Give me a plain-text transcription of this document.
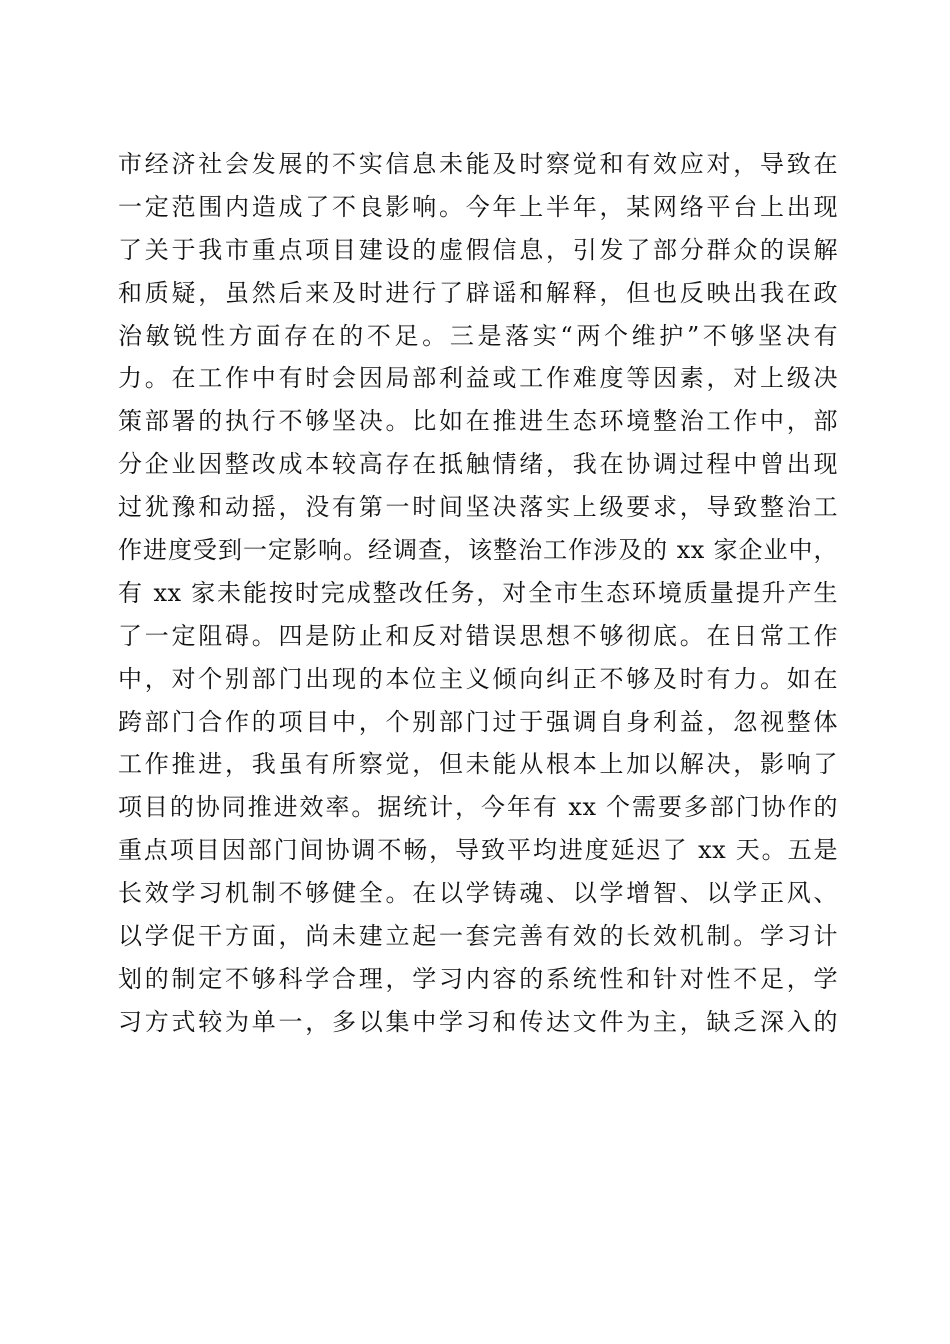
市经济社会发展的不实信息未能及时察觉和有效应对，导致在
一定范围内造成了不良影响。今年上半年，某网络平台上出现
了关于我市重点项目建设的虚假信息，引发了部分群众的误解
和质疑，虽然后来及时进行了辟谣和解释，但也反映出我在政
治敏锐性方面存在的不足。三是落实“两个维护”不够坚决有
力。在工作中有时会因局部利益或工作难度等因素，对上级决
策部署的执行不够坚决。比如在推进生态环境整治工作中，部
分企业因整改成本较高存在抵触情绪，我在协调过程中曾出现
过犹豫和动摇，没有第一时间坚决落实上级要求，导致整治工
作进度受到一定影响。经调查，该整治工作涉及的 xx 家企业中，
有 xx 家未能按时完成整改任务，对全市生态环境质量提升产生
了一定阻碍。四是防止和反对错误思想不够彻底。在日常工作
中，对个别部门出现的本位主义倾向纠正不够及时有力。如在
跨部门合作的项目中，个别部门过于强调自身利益，忽视整体
工作推进，我虽有所察觉，但未能从根本上加以解决，影响了
项目的协同推进效率。据统计，今年有 xx 个需要多部门协作的
重点项目因部门间协调不畅，导致平均进度延迟了 xx 天。五是
长效学习机制不够健全。在以学铸魂、以学增智、以学正风、
以学促干方面，尚未建立起一套完善有效的长效机制。学习计
划的制定不够科学合理，学习内容的系统性和针对性不足，学
习方式较为单一，多以集中学习和传达文件为主，缺乏深入的
